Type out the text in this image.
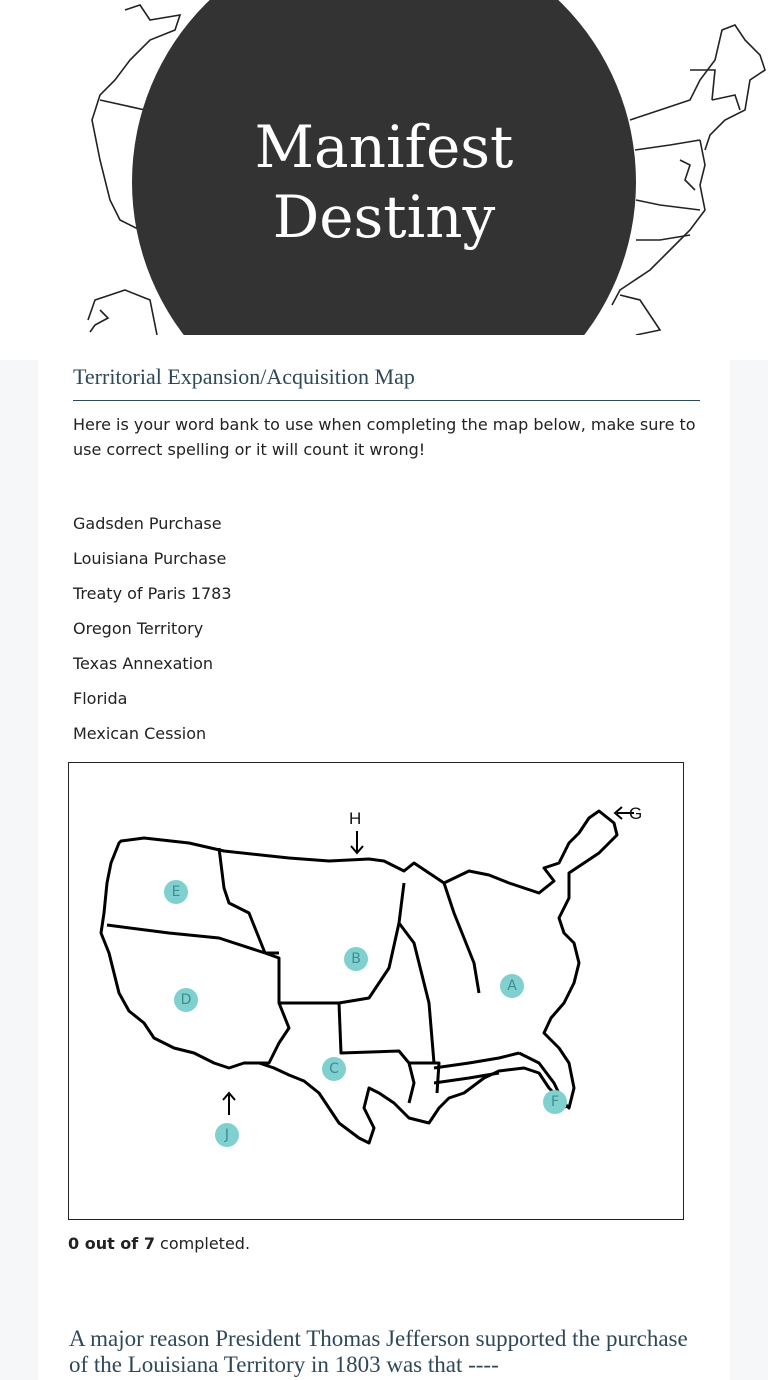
Manifest
Destiny
Territorial Expansion/Acquisition Map
Here is your word bank to use when completing the map below, make sure to use correct spelling or it will count it wrong!
Gadsden Purchase
Louisiana Purchase
Treaty of Paris 1783
Oregon Territory
Texas Annexation
Florida
Mexican Cession
H	G
E
B
A
D
C
F
J
0 out of 7 completed.
A major reason President Thomas Jefferson supported the purchase of the Louisiana Territory in 1803 was that ----
